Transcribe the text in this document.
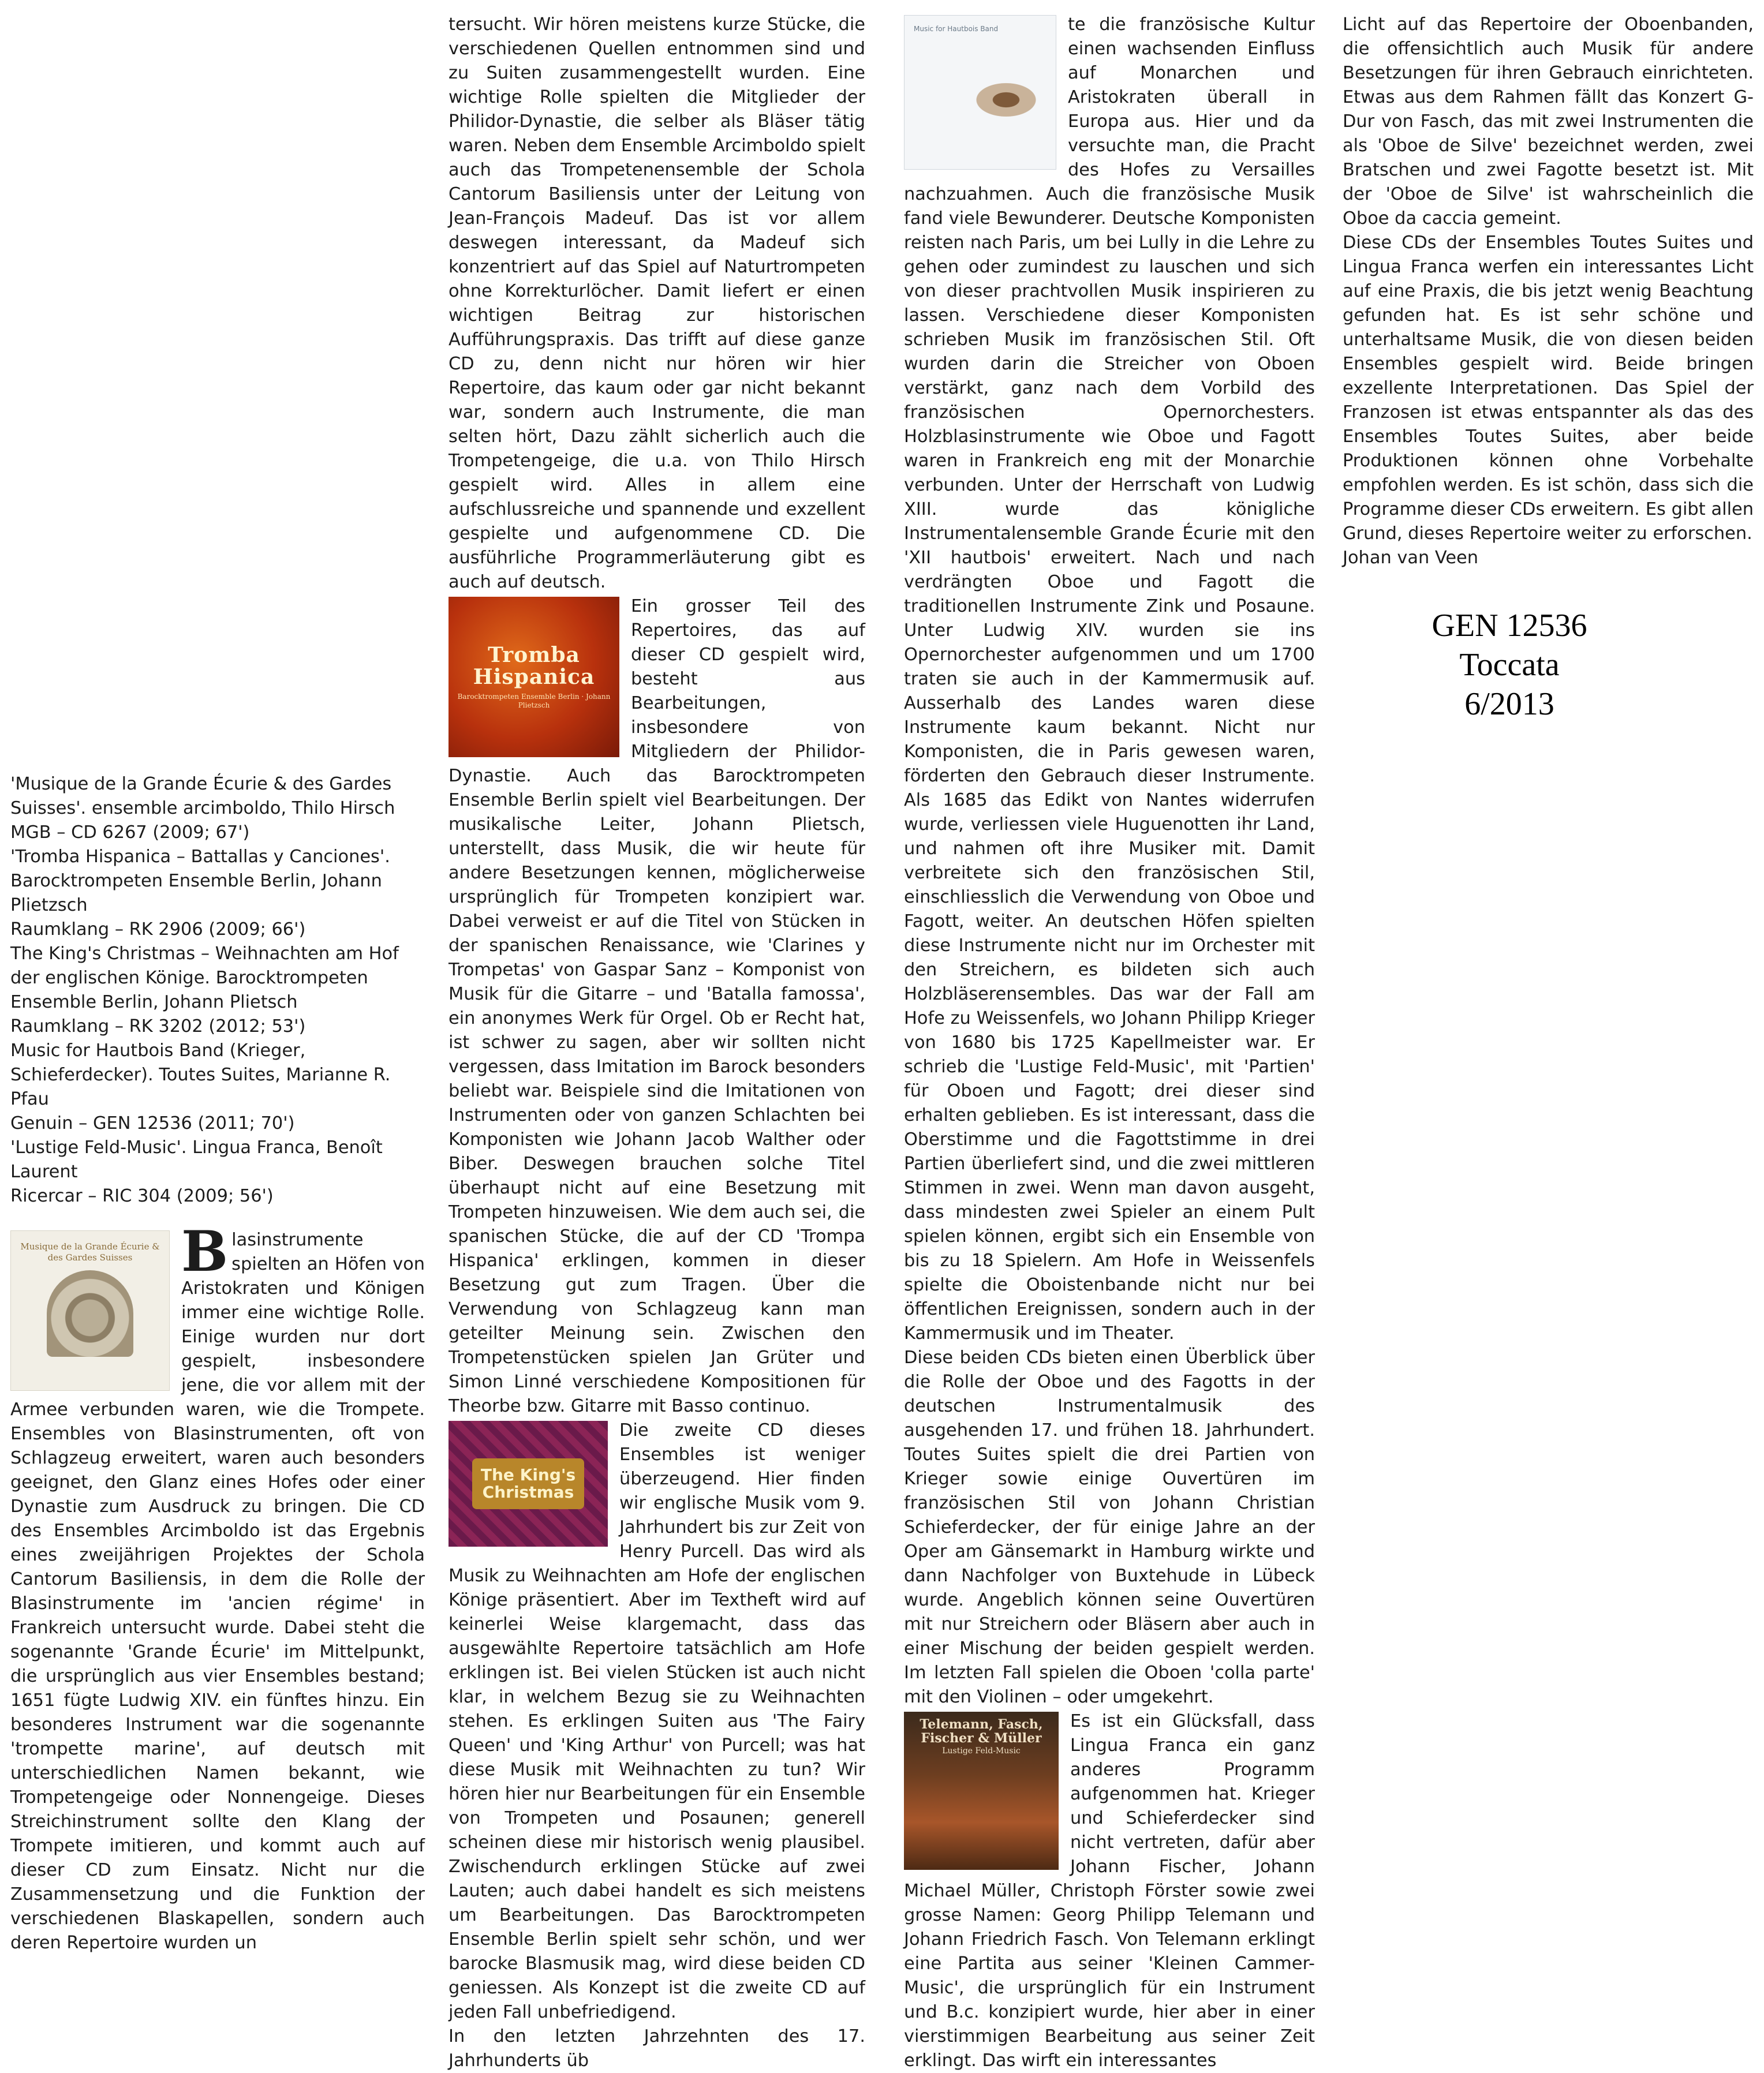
'Musique de la Grande Écurie & des Gardes Suisses'. ensemble arcimboldo, Thilo Hirsch

MGB – CD 6267 (2009; 67')

'Tromba Hispanica – Battallas y Canciones'. Barocktrompeten Ensemble Berlin, Johann Plietzsch

Raumklang – RK 2906 (2009; 66')

The King's Christmas – Weihnachten am Hof der englischen Könige. Barocktrompeten Ensemble Berlin, Johann Plietsch

Raumklang – RK 3202 (2012; 53')

Music for Hautbois Band (Krieger, Schieferdecker). Toutes Suites, Marianne R. Pfau

Genuin – GEN 12536 (2011; 70')

'Lustige Feld-Music'. Lingua Franca, Benoît Laurent

Ricercar – RIC 304 (2009; 56')

Musique de la Grande Écurie & des Gardes Suisses Blasinstrumente spielten an Höfen von Aristokraten und Königen immer eine wichtige Rolle. Einige wurden nur dort gespielt, insbesondere jene, die vor allem mit der Armee verbunden waren, wie die Trompete. Ensembles von Blasinstrumenten, oft von Schlagzeug erweitert, waren auch besonders geeignet, den Glanz eines Hofes oder einer Dynastie zum Ausdruck zu bringen. Die CD des Ensembles Arcimboldo ist das Ergebnis eines zweijährigen Projektes der Schola Cantorum Basiliensis, in dem die Rolle der Blasinstrumente im 'ancien régime' in Frankreich untersucht wurde. Dabei steht die sogenannte 'Grande Écurie' im Mittelpunkt, die ursprünglich aus vier Ensembles bestand; 1651 fügte Ludwig XIV. ein fünftes hinzu. Ein besonderes Instrument war die sogenannte 'trompette marine', auf deutsch mit unterschiedlichen Namen bekannt, wie Trompetengeige oder Nonnengeige. Dieses Streichinstrument sollte den Klang der Trompete imitieren, und kommt auch auf dieser CD zum Einsatz. Nicht nur die Zusammensetzung und die Funktion der verschiedenen Blaskapellen, sondern auch deren Repertoire wurden un

tersucht. Wir hören meistens kurze Stücke, die verschiedenen Quellen entnommen sind und zu Suiten zusammengestellt wurden. Eine wichtige Rolle spielten die Mitglieder der Philidor-Dynastie, die selber als Bläser tätig waren. Neben dem Ensemble Arcimboldo spielt auch das Trompetenensemble der Schola Cantorum Basiliensis unter der Leitung von Jean-François Madeuf. Das ist vor allem deswegen interessant, da Madeuf sich konzentriert auf das Spiel auf Naturtrompeten ohne Korrekturlöcher. Damit liefert er einen wichtigen Beitrag zur historischen Aufführungspraxis. Das trifft auf diese ganze CD zu, denn nicht nur hören wir hier Repertoire, das kaum oder gar nicht bekannt war, sondern auch Instrumente, die man selten hört, Dazu zählt sicherlich auch die Trompetengeige, die u.a. von Thilo Hirsch gespielt wird. Alles in allem eine aufschlussreiche und spannende und exzellent gespielte und aufgenommene CD. Die ausführliche Programmerläuterung gibt es auch auf deutsch.

Tromba Hispanica
Barocktrompeten Ensemble Berlin · Johann Plietzsch

Ein grosser Teil des Repertoires, das auf dieser CD gespielt wird, besteht aus Bearbeitungen, insbesondere von Mitgliedern der Philidor-Dynastie. Auch das Barocktrompeten Ensemble Berlin spielt viel Bearbeitungen. Der musikalische Leiter, Johann Plietsch, unterstellt, dass Musik, die wir heute für andere Besetzungen kennen, möglicherweise ursprünglich für Trompeten konzipiert war. Dabei verweist er auf die Titel von Stücken in der spanischen Renaissance, wie 'Clarines y Trompetas' von Gaspar Sanz – Komponist von Musik für die Gitarre – und 'Batalla famossa', ein anonymes Werk für Orgel. Ob er Recht hat, ist schwer zu sagen, aber wir sollten nicht vergessen, dass Imitation im Barock besonders beliebt war. Beispiele sind die Imitationen von Instrumenten oder von ganzen Schlachten bei Komponisten wie Johann Jacob Walther oder Biber. Deswegen brauchen solche Titel überhaupt nicht auf eine Besetzung mit Trompeten hinzuweisen. Wie dem auch sei, die spanischen Stücke, die auf der CD 'Trompa Hispanica' erklingen, kommen in dieser Besetzung gut zum Tragen. Über die Verwendung von Schlagzeug kann man geteilter Meinung sein. Zwischen den Trompetenstücken spielen Jan Grüter und Simon Linné verschiedene Kompositionen für Theorbe bzw. Gitarre mit Basso continuo.

The King's Christmas

Die zweite CD dieses Ensembles ist weniger überzeugend. Hier finden wir englische Musik vom 9. Jahrhundert bis zur Zeit von Henry Purcell. Das wird als Musik zu Weihnachten am Hofe der englischen Könige präsentiert. Aber im Textheft wird auf keinerlei Weise klargemacht, dass das ausgewählte Repertoire tatsächlich am Hofe erklingen ist. Bei vielen Stücken ist auch nicht klar, in welchem Bezug sie zu Weihnachten stehen. Es erklingen Suiten aus 'The Fairy Queen' und 'King Arthur' von Purcell; was hat diese Musik mit Weihnachten zu tun? Wir hören hier nur Bearbeitungen für ein Ensemble von Trompeten und Posaunen; generell scheinen diese mir historisch wenig plausibel. Zwischendurch erklingen Stücke auf zwei Lauten; auch dabei handelt es sich meistens um Bearbeitungen. Das Barocktrompeten Ensemble Berlin spielt sehr schön, und wer barocke Blasmusik mag, wird diese beiden CD geniessen. Als Konzept ist die zweite CD auf jeden Fall unbefriedigend.

In den letzten Jahrzehnten des 17. Jahrhunderts üb

Music for Hautbois Band	te die französische Kultur einen wachsenden Einfluss auf Monarchen und Aristokraten überall in Europa aus. Hier und da versuchte man, die Pracht des Hofes zu Versailles nachzuahmen. Auch die französische Musik fand viele Bewunderer. Deutsche Komponisten reisten nach Paris, um bei Lully in die Lehre zu gehen oder zumindest zu lauschen und sich von dieser prachtvollen Musik inspirieren zu lassen. Verschiedene dieser Komponisten schrieben Musik im französischen Stil. Oft wurden darin die Streicher von Oboen verstärkt, ganz nach dem Vorbild des französischen Opernorchesters. Holzblasinstrumente wie Oboe und Fagott waren in Frankreich eng mit der Monarchie verbunden. Unter der Herrschaft von Ludwig XIII. wurde das königliche Instrumentalensemble Grande Écurie mit den 'XII hautbois' erweitert. Nach und nach verdrängten Oboe und Fagott die traditionellen Instrumente Zink und Posaune. Unter Ludwig XIV. wurden sie ins Opernorchester aufgenommen und um 1700 traten sie auch in der Kammermusik auf. Ausserhalb des Landes waren diese Instrumente kaum bekannt. Nicht nur Komponisten, die in Paris gewesen waren, förderten den Gebrauch dieser Instrumente. Als 1685 das Edikt von Nantes widerrufen wurde, verliessen viele Huguenotten ihr Land, und nahmen oft ihre Musiker mit. Damit verbreitete sich den französischen Stil, einschliesslich die Verwendung von Oboe und Fagott, weiter. An deutschen Höfen spielten diese Instrumente nicht nur im Orchester mit den Streichern, es bildeten sich auch Holzbläserensembles. Das war der Fall am Hofe zu Weissenfels, wo Johann Philipp Krieger von 1680 bis 1725 Kapellmeister war. Er schrieb die 'Lustige Feld-Music', mit 'Partien' für Oboen und Fagott; drei dieser sind erhalten geblieben. Es ist interessant, dass die Oberstimme und die Fagottstimme in drei Partien überliefert sind, und die zwei mittleren Stimmen in zwei. Wenn man davon ausgeht, dass mindesten zwei Spieler an einem Pult spielen können, ergibt sich ein Ensemble von bis zu 18 Spielern. Am Hofe in Weissenfels spielte die Oboistenbande nicht nur bei öffentlichen Ereignissen, sondern auch in der Kammermusik und im Theater.

Diese beiden CDs bieten einen Überblick über die Rolle der Oboe und des Fagotts in der deutschen Instrumentalmusik des ausgehenden 17. und frühen 18. Jahrhundert. Toutes Suites spielt die drei Partien von Krieger sowie einige Ouvertüren im französischen Stil von Johann Christian Schieferdecker, der für einige Jahre an der Oper am Gänsemarkt in Hamburg wirkte und dann Nachfolger von Buxtehude in Lübeck wurde. Angeblich können seine Ouvertüren mit nur Streichern oder Bläsern aber auch in einer Mischung der beiden gespielt werden. Im letzten Fall spielen die Oboen 'colla parte' mit den Violinen – oder umgekehrt.

Telemann, Fasch, Fischer & Müller
Lustige Feld-Music

Es ist ein Glücksfall, dass Lingua Franca ein ganz anderes Programm aufgenommen hat. Krieger und Schieferdecker sind nicht vertreten, dafür aber Johann Fischer, Johann Michael Müller, Christoph Förster sowie zwei grosse Namen: Georg Philipp Telemann und Johann Friedrich Fasch. Von Telemann erklingt eine Partita aus seiner 'Kleinen Cammer-Music', die ursprünglich für ein Instrument und B.c. konzipiert wurde, hier aber in einer vierstimmigen Bearbeitung aus seiner Zeit erklingt. Das wirft ein interessantes

Licht auf das Repertoire der Oboenbanden, die offensichtlich auch Musik für andere Besetzungen für ihren Gebrauch einrichteten. Etwas aus dem Rahmen fällt das Konzert G-Dur von Fasch, das mit zwei Instrumenten die als 'Oboe de Silve' bezeichnet werden, zwei Bratschen und zwei Fagotte besetzt ist. Mit der 'Oboe de Silve' ist wahrscheinlich die Oboe da caccia gemeint.

Diese CDs der Ensembles Toutes Suites und Lingua Franca werfen ein interessantes Licht auf eine Praxis, die bis jetzt wenig Beachtung gefunden hat. Es ist sehr schöne und unterhaltsame Musik, die von diesen beiden Ensembles gespielt wird. Beide bringen exzellente Interpretationen. Das Spiel der Franzosen ist etwas entspannter als das des Ensembles Toutes Suites, aber beide Produktionen können ohne Vorbehalte empfohlen werden. Es ist schön, dass sich die Programme dieser CDs erweitern. Es gibt allen Grund, dieses Repertoire weiter zu erforschen.

Johan van Veen

GEN 12536
Toccata
6/2013
